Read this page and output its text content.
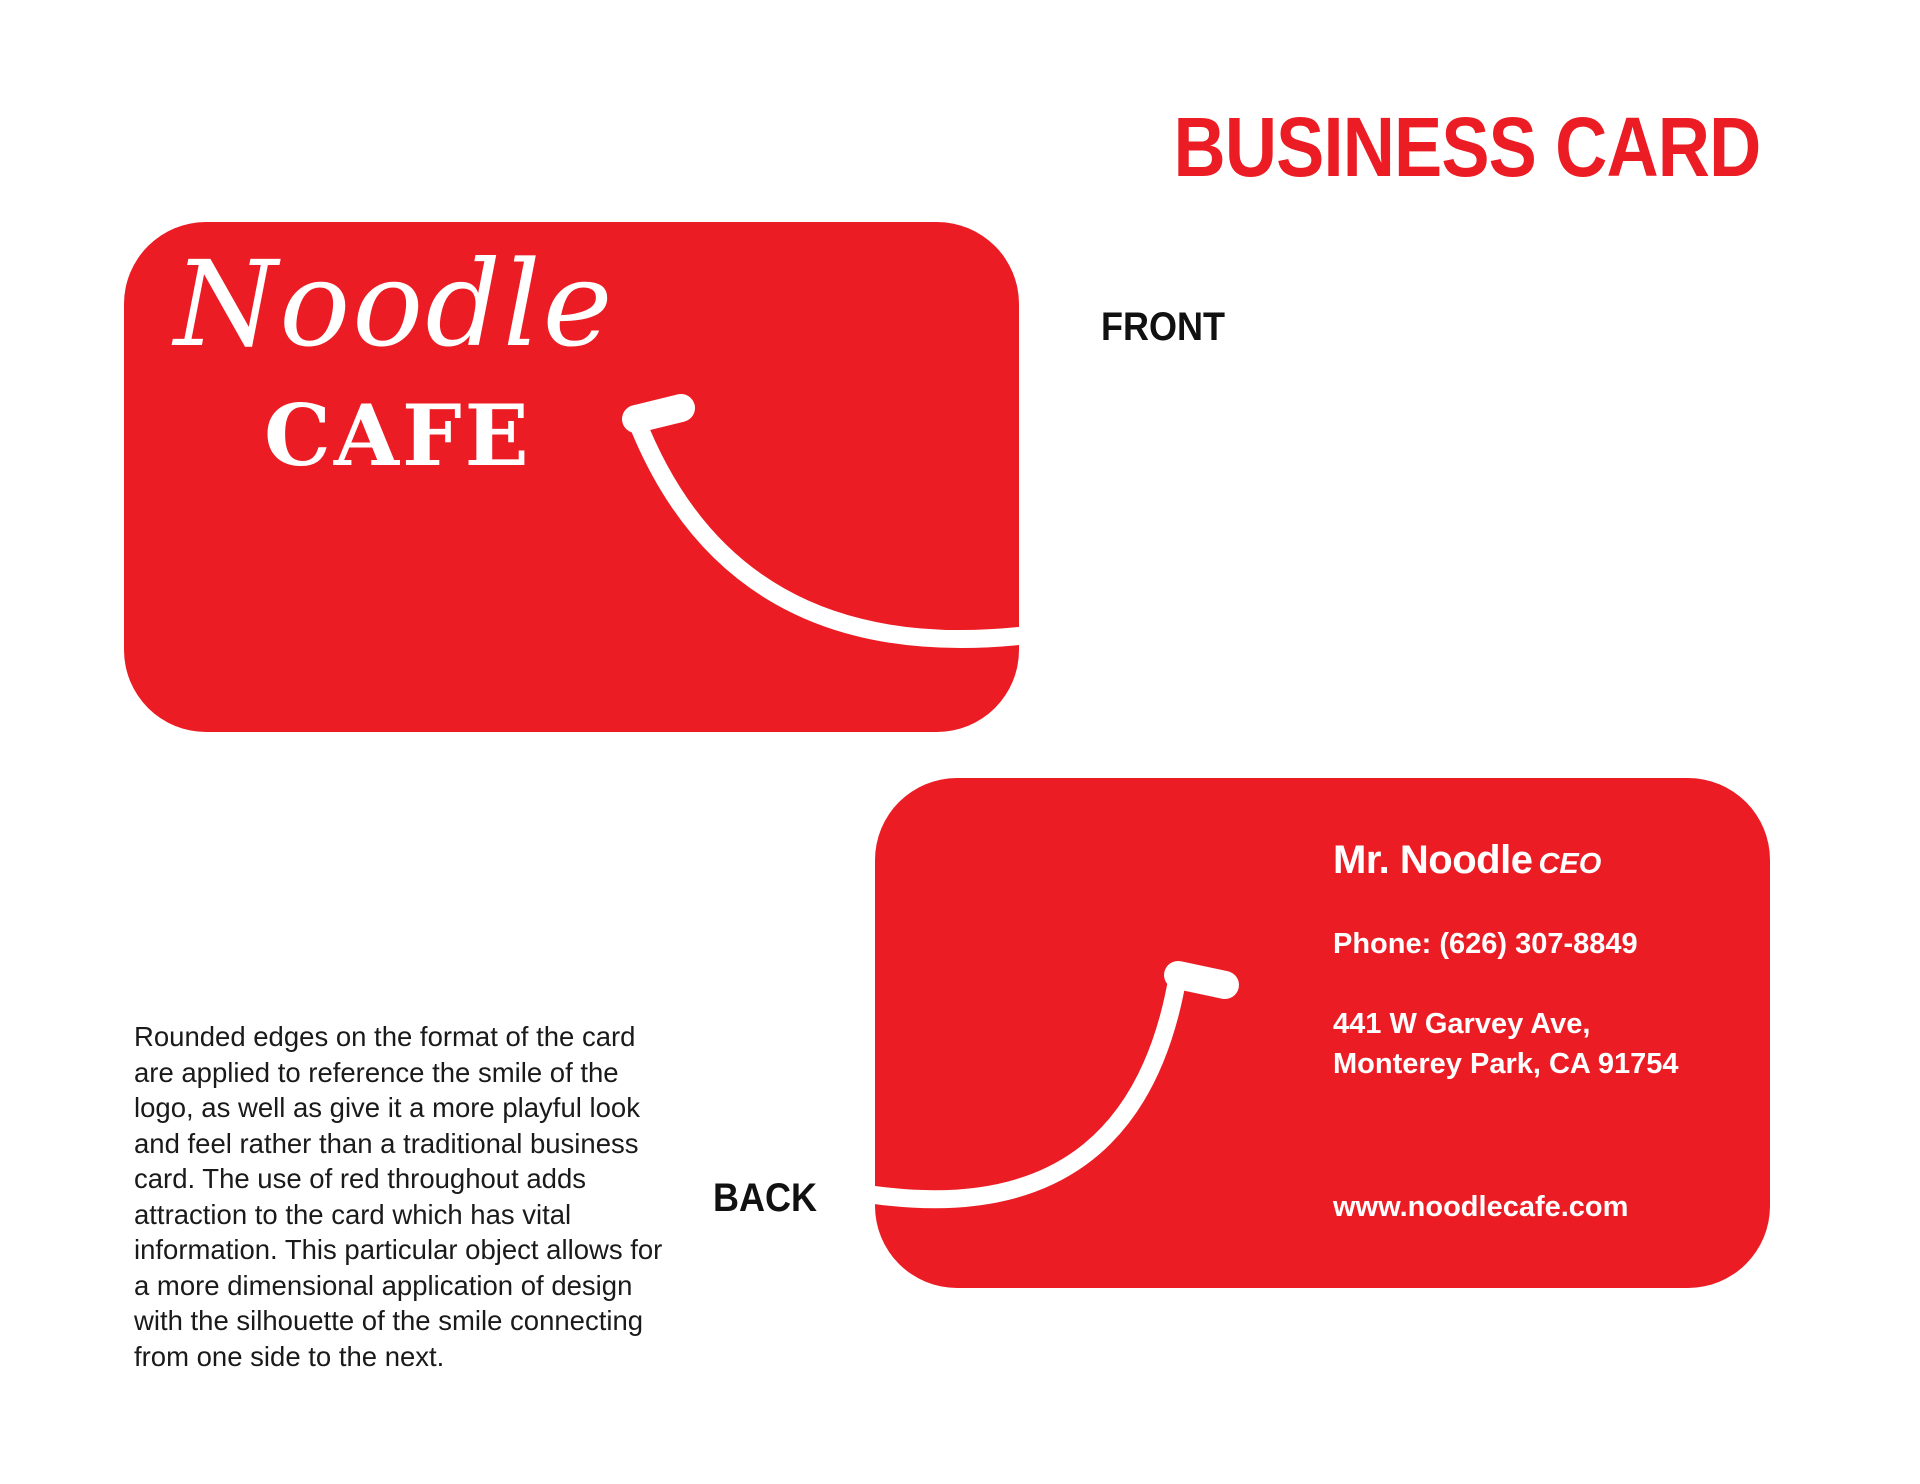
BUSINESS CARD
Noodle
CAFE
FRONT
Mr. Noodle CEO
Phone: (626) 307-8849
441 W Garvey Ave,
Monterey Park, CA 91754
www.noodlecafe.com
BACK

Rounded edges on the format of the card are applied to reference the smile of the logo, as well as give it a more playful look and feel rather than a traditional business card. The use of red throughout adds attraction to the card which has vital information. This particular object allows for a more dimensional application of design with the silhouette of the smile connecting from one side to the next.
